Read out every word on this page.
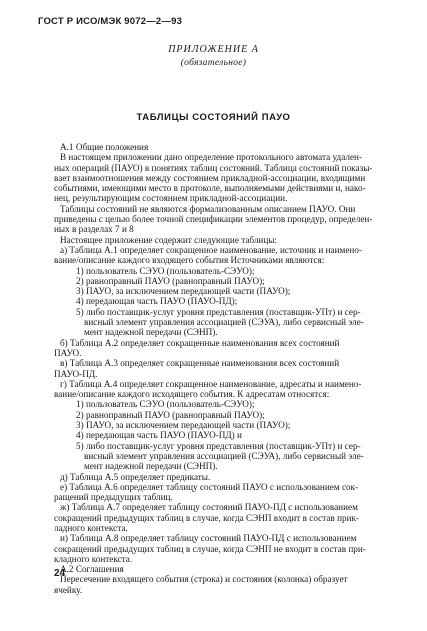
ГОСТ Р ИСО/МЭК 9072—2—93
ПРИЛОЖЕНИЕ А
(обязательное)
ТАБЛИЦЫ СОСТОЯНИЙ ПАУО
А.1 Общие положения
В настоящем приложении дано определение протокольного автомата удален-
ных операций (ПАУО) в понятиях таблиц состояний. Таблица состояний показы-
вает взаимоотношения между состоянием прикладной-ассоциации, входящими
событиями, имеющими место в протоколе, выполняемыми действиями и, нако-
нец, результирующим состоянием прикладной-ассоциации.
Таблицы состояний не являются формализованным описанием ПАУО. Они
приведены с целью более точной спецификации элементов процедур, определен-
ных в разделах 7 и 8
Настоящее приложение содержит следующие таблицы:
а) Таблица А.1 определяет сокращенное наименование, источник и наимено-
вание/описание каждого входящего события Источниками являются:
1) пользователь СЭУО (пользователь-СЭУО);
2) равноправный ПАУО (равноправный ПАУО);
3) ПАУО, за исключением передающей части (ПАУО);
4) передающая часть ПАУО (ПАУО-ПД);
5) либо поставщик-услуг уровня представления (поставщик-УПт) и сер-
висный элемент управления ассоциацией (СЭУА), либо сервисный эле-
мент надежной передачи (СЭНП).
б) Таблица А.2 определяет сокращенные наименования всех состояний
ПАУО.
в) Таблица А.3 определяет сокращенные наименования всех состояний
ПАУО-ПД.
г) Таблица А.4 определяет сокращенное наименование, адресаты и наимено-
вание/описание каждого исходящего события. К адресатам относятся:
1) пользователь СЭУО (пользователь-СЭУО);
2) равноправный ПАУО (равноправный ПАУО);
3) ПАУО, за исключением передающей части (ПАУО);
4) передающая часть ПАУО (ПАУО-ПД) и
5) либо поставщик-услуг уровня представления (поставщик-УПт) и сер-
висный элемент управления ассоциацией (СЭУА), либо сервисный эле-
мент надежной передачи (СЭНП).
д) Таблица А.5 определяет предикаты.
е) Таблица А.6 определяет таблицу состояний ПАУО с использованием сок-
ращений предыдущих таблиц.
ж) Таблица А.7 определяет таблицу состояний ПАУО-ПД с использованием
сокращений предыдущих таблиц в случае, когда СЭНП входит в состав прик-
ладного контекста.
и) Таблица А.8 определяет таблицу состояний ПАУО-ПД с использованием
сокращений предыдущих таблиц в случае, когда СЭНП не входит в состав при-
кладного контекста.
А.2 Соглашения
Пересечение входящего события (строка) и состояния (колонка) образует
ячейку.
24
